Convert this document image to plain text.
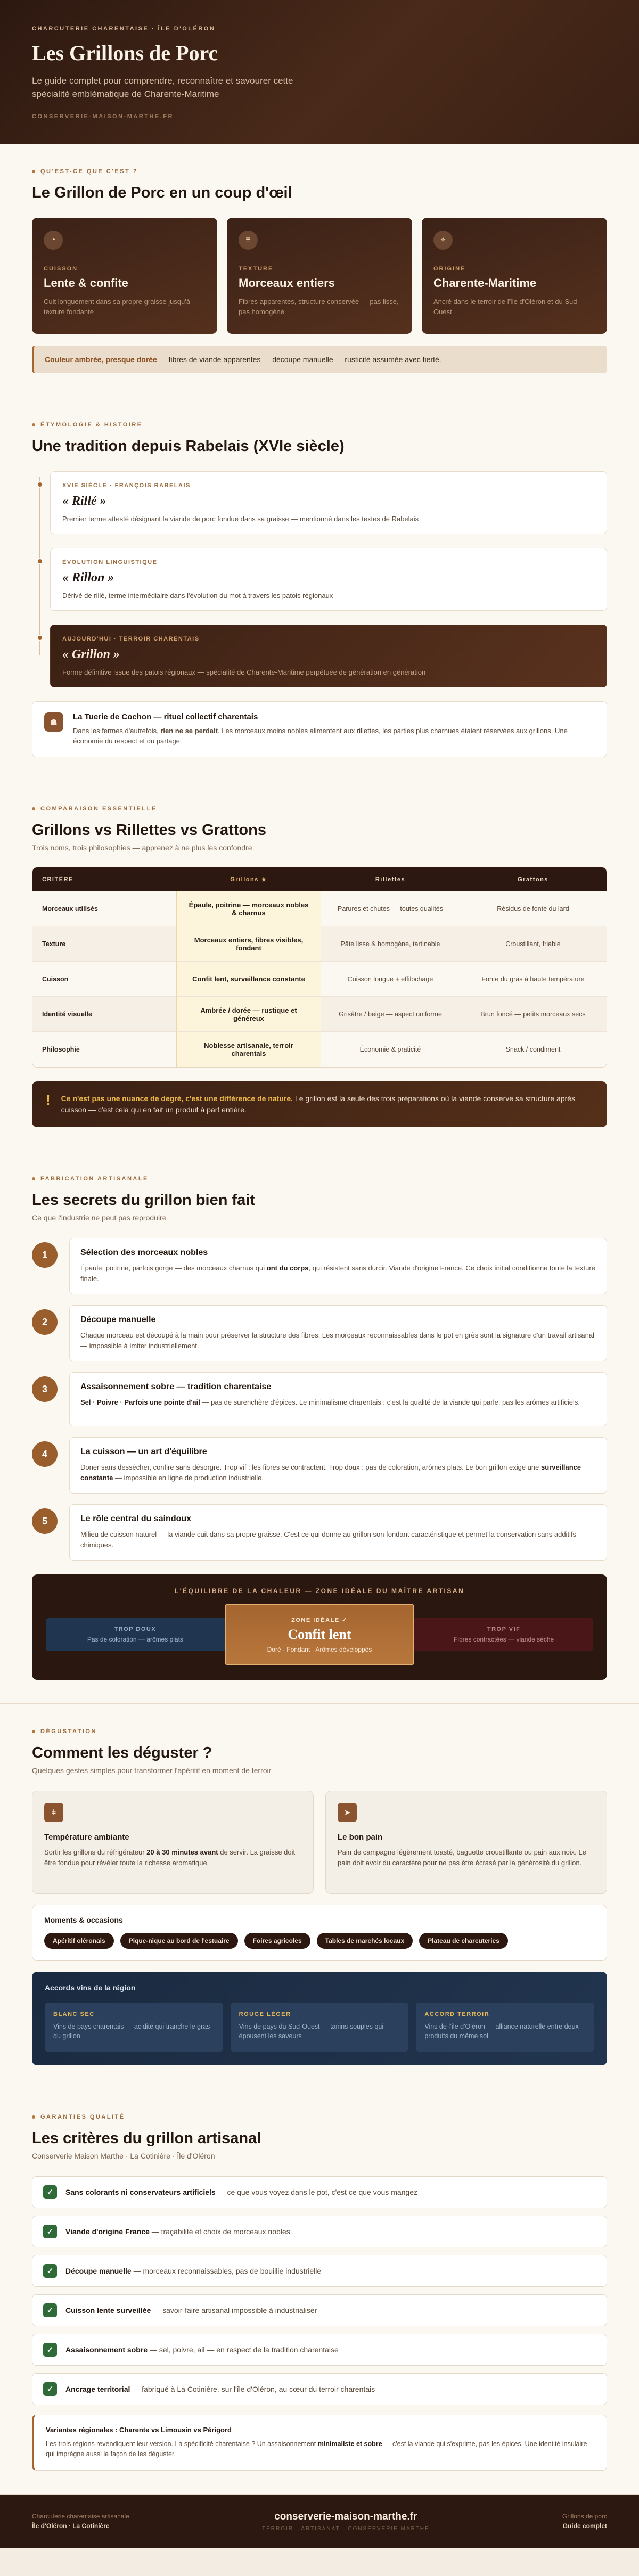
CHARCUTERIE CHARENTAISE · ÎLE D'OLÉRON
Les Grillons de Porc
Le guide complet pour comprendre, reconnaître et savourer cette spécialité emblématique de Charente-Maritime
CONSERVERIE-MAISON-MARTHE.FR
QU'EST-CE QUE C'EST ?
Le Grillon de Porc en un coup d'œil
◔
CUISSON
Lente & confite
Cuit longuement dans sa propre graisse jusqu'à texture fondante
≡
TEXTURE
Morceaux entiers
Fibres apparentes, structure conservée — pas lisse, pas homogène
⌖
ORIGINE
Charente-Maritime
Ancré dans le terroir de l'île d'Oléron et du Sud-Ouest
Couleur ambrée, presque dorée — fibres de viande apparentes — découpe manuelle — rusticité assumée avec fierté.
ÉTYMOLOGIE & HISTOIRE
Une tradition depuis Rabelais (XVIe siècle)
XVIE SIÈCLE · FRANÇOIS RABELAIS
« Rillé »
Premier terme attesté désignant la viande de porc fondue dans sa graisse — mentionné dans les textes de Rabelais
ÉVOLUTION LINGUISTIQUE
« Rillon »
Dérivé de rillé, terme intermédiaire dans l'évolution du mot à travers les patois régionaux
AUJOURD'HUI · TERROIR CHARENTAIS
« Grillon »
Forme définitive issue des patois régionaux — spécialité de Charente-Maritime perpétuée de génération en génération
☗
La Tuerie de Cochon — rituel collectif charentais
Dans les fermes d'autrefois, rien ne se perdait. Les morceaux moins nobles alimentent aux rillettes, les parties plus charnues étaient réservées aux grillons. Une économie du respect et du partage.
COMPARAISON ESSENTIELLE
Grillons vs Rillettes vs Grattons
Trois noms, trois philosophies — apprenez à ne plus les confondre
CRITÈRE	Grillons ★	Rillettes	Grattons
Morceaux utilisés	Épaule, poitrine — morceaux nobles & charnus	Parures et chutes — toutes qualités	Résidus de fonte du lard
Texture	Morceaux entiers, fibres visibles, fondant	Pâte lisse & homogène, tartinable	Croustillant, friable
Cuisson	Confit lent, surveillance constante	Cuisson longue + effilochage	Fonte du gras à haute température
Identité visuelle	Ambrée / dorée — rustique et généreux	Grisâtre / beige — aspect uniforme	Brun foncé — petits morceaux secs
Philosophie	Noblesse artisanale, terroir charentais	Économie & praticité	Snack / condiment
! Ce n'est pas une nuance de degré, c'est une différence de nature. Le grillon est la seule des trois préparations où la viande conserve sa structure après cuisson — c'est cela qui en fait un produit à part entière.
FABRICATION ARTISANALE
Les secrets du grillon bien fait
Ce que l'industrie ne peut pas reproduire
1	Sélection des morceaux nobles
Épaule, poitrine, parfois gorge — des morceaux charnus qui ont du corps, qui résistent sans durcir. Viande d'origine France. Ce choix initial conditionne toute la texture finale.
2	Découpe manuelle
Chaque morceau est découpé à la main pour préserver la structure des fibres. Les morceaux reconnaissables dans le pot en grès sont la signature d'un travail artisanal — impossible à imiter industriellement.
3	Assaisonnement sobre — tradition charentaise
Sel · Poivre · Parfois une pointe d'ail — pas de surenchère d'épices. Le minimalisme charentais : c'est la qualité de la viande qui parle, pas les arômes artificiels.
4	La cuisson — un art d'équilibre
Doner sans dessécher, confire sans désorgre. Trop vif : les fibres se contractent. Trop doux : pas de coloration, arômes plats. Le bon grillon exige une surveillance constante — impossible en ligne de production industrielle.
5	Le rôle central du saindoux
Milieu de cuisson naturel — la viande cuit dans sa propre graisse. C'est ce qui donne au grillon son fondant caractéristique et permet la conservation sans additifs chimiques.
L'ÉQUILIBRE DE LA CHALEUR — ZONE IDÉALE DU MAÎTRE ARTISAN
TROP DOUX
Pas de coloration — arômes plats
ZONE IDÉALE ✓
Confit lent
Doré · Fondant · Arômes développés
TROP VIF
Fibres contractées — viande sèche
DÉGUSTATION
Comment les déguster ?
Quelques gestes simples pour transformer l'apéritif en moment de terroir
ǂ
Température ambiante
Sortir les grillons du réfrigérateur 20 à 30 minutes avant de servir. La graisse doit être fondue pour révéler toute la richesse aromatique.
➤
Le bon pain
Pain de campagne légèrement toasté, baguette croustillante ou pain aux noix. Le pain doit avoir du caractère pour ne pas être écrasé par la générosité du grillon.
Moments & occasions
Apéritif oléronais	Pique-nique au bord de l'estuaire	Foires agricoles	Tables de marchés locaux	Plateau de charcuteries
Accords vins de la région
BLANC SEC
Vins de pays charentais — acidité qui tranche le gras du grillon
ROUGE LÉGER
Vins de pays du Sud-Ouest — tanins souples qui épousent les saveurs
ACCORD TERROIR
Vins de l'île d'Oléron — alliance naturelle entre deux produits du même sol
GARANTIES QUALITÉ
Les critères du grillon artisanal
Conserverie Maison Marthe · La Cotinière · Île d'Oléron
✓	Sans colorants ni conservateurs artificiels — ce que vous voyez dans le pot, c'est ce que vous mangez
✓	Viande d'origine France — traçabilité et choix de morceaux nobles
✓	Découpe manuelle — morceaux reconnaissables, pas de bouillie industrielle
✓	Cuisson lente surveillée — savoir-faire artisanal impossible à industrialiser
✓	Assaisonnement sobre — sel, poivre, ail — en respect de la tradition charentaise
✓	Ancrage territorial — fabriqué à La Cotinière, sur l'île d'Oléron, au cœur du terroir charentais
Variantes régionales : Charente vs Limousin vs Périgord
Les trois régions revendiquent leur version. La spécificité charentaise ? Un assaisonnement minimaliste et sobre — c'est la viande qui s'exprime, pas les épices. Une identité insulaire qui imprègne aussi la façon de les déguster.
Charcuterie charentaise artisanale
Île d'Oléron · La Cotinière
conserverie-maison-marthe.fr
TERROIR · ARTISANAT · CONSERVERIE MARTHE
Grillons de porc
Guide complet
